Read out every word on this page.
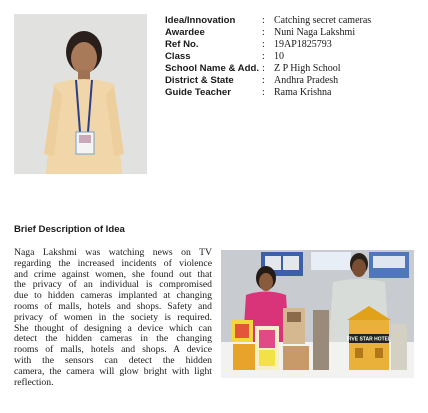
Idea/Innovation	: Catching secret cameras
Awardee	: Nuni Naga Lakshmi
Ref No.	: 19AP1825793
Class	: 10
School Name & Add. : Z P High School
District & State	: Andhra Pradesh
Guide Teacher	: Rama Krishna
Brief Description of Idea
Naga Lakshmi was watching news on TV
regarding the increased incidents of violence
and crime against women, she found out that
the privacy of an individual is compromised
due to hidden cameras implanted at changing
rooms of malls, hotels and shops. Safety and
privacy of women in the society is required.
She thought of designing a device which can
detect the hidden cameras in the changing
rooms of malls, hotels and shops. A device
with the sensors can detect the hidden
camera, the camera will glow bright with light
reflection.
FIVE STAR HOTEL
